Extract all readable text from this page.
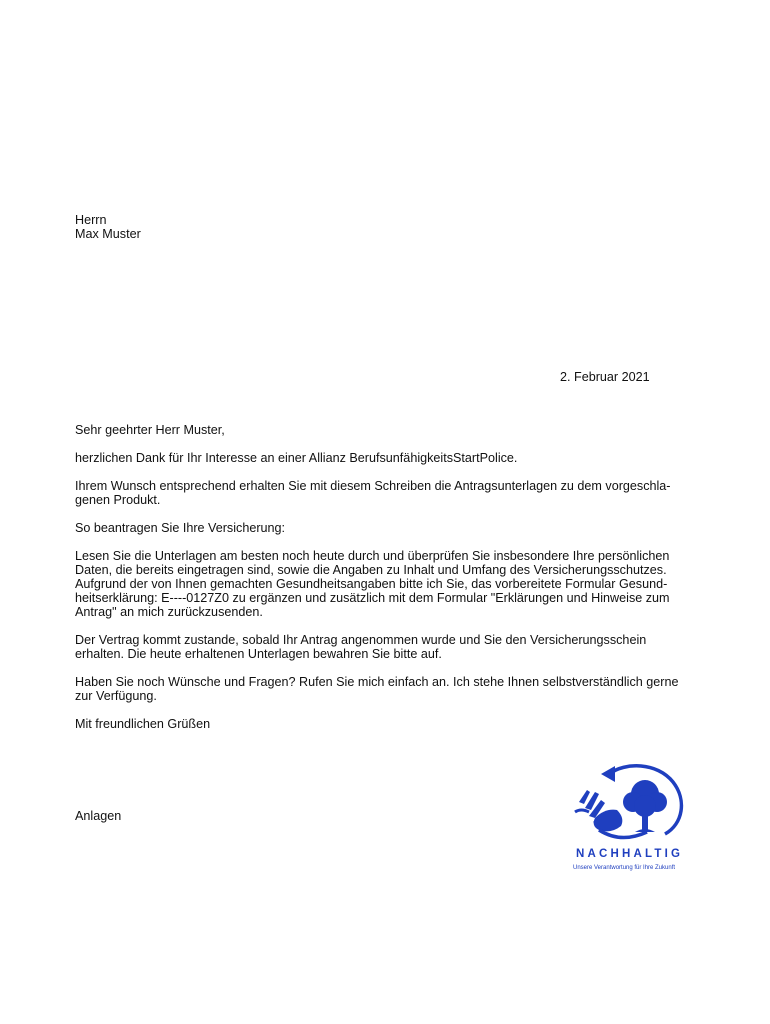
Herrn
Max Muster
2. Februar 2021

Sehr geehrter Herr Muster,

herzlichen Dank für Ihr Interesse an einer Allianz BerufsunfähigkeitsStartPolice.

Ihrem Wunsch entsprechend erhalten Sie mit diesem Schreiben die Antragsunterlagen zu dem vorgeschla-
genen Produkt.

So beantragen Sie Ihre Versicherung:

Lesen Sie die Unterlagen am besten noch heute durch und überprüfen Sie insbesondere Ihre persönlichen
Daten, die bereits eingetragen sind, sowie die Angaben zu Inhalt und Umfang des Versicherungsschutzes.
Aufgrund der von Ihnen gemachten Gesundheitsangaben bitte ich Sie, das vorbereitete Formular Gesund-
heitserklärung: E----0127Z0 zu ergänzen und zusätzlich mit dem Formular "Erklärungen und Hinweise zum
Antrag" an mich zurückzusenden.

Der Vertrag kommt zustande, sobald Ihr Antrag angenommen wurde und Sie den Versicherungsschein
erhalten. Die heute erhaltenen Unterlagen bewahren Sie bitte auf.

Haben Sie noch Wünsche und Fragen? Rufen Sie mich einfach an. Ich stehe Ihnen selbstverständlich gerne
zur Verfügung.

Mit freundlichen Grüßen

Anlagen
NACHHALTIG
Unsere Verantwortung für Ihre Zukunft
